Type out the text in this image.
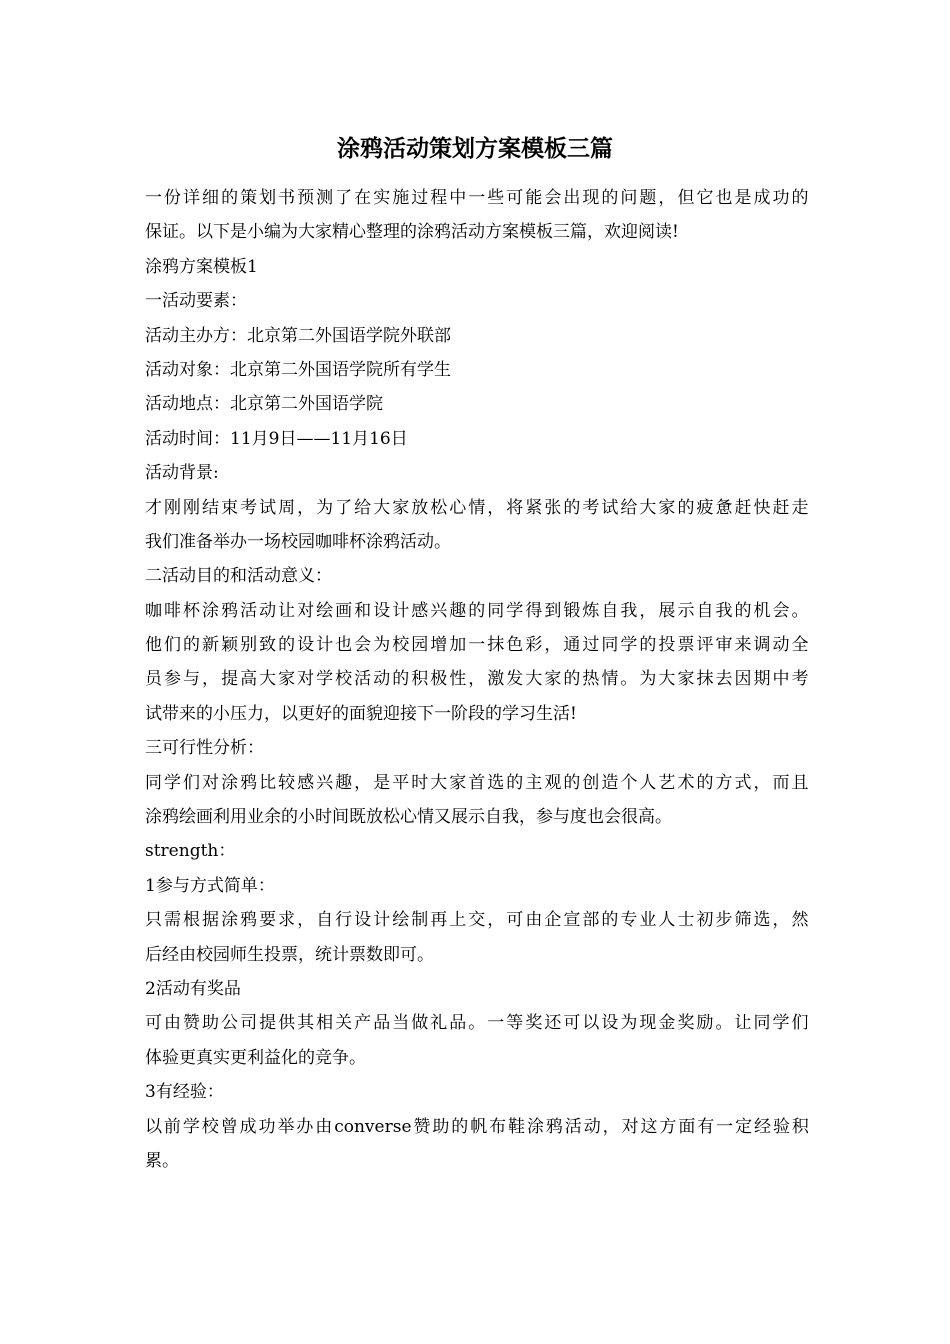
涂鸦活动策划方案模板三篇
一 份 详 细 的 策 划 书 预 测 了 在 实 施 过 程 中 一 些 可 能 会 出 现 的 问 题 ， 但 它 也 是 成 功 的
保证。以下是小编为大家精心整理的涂鸦活动方案模板三篇，欢迎阅读!
涂鸦方案模板1
一活动要素：
活动主办方：北京第二外国语学院外联部
活动对象：北京第二外国语学院所有学生
活动地点：北京第二外国语学院
活动时间：11月9日——11月16日
活动背景:
才 刚 刚 结 束 考 试 周 ， 为 了 给 大 家 放 松 心 情 ， 将 紧 张 的 考 试 给 大 家 的 疲 惫 赶 快 赶 走
我们准备举办一场校园咖啡杯涂鸦活动。
二活动目的和活动意义：
咖 啡 杯 涂 鸦 活 动 让 对 绘 画 和 设 计 感 兴 趣 的 同 学 得 到 锻 炼 自 我 ， 展 示 自 我 的 机 会 。
他 们 的 新 颖 别 致 的 设 计 也 会 为 校 园 增 加 一 抹 色 彩 ， 通 过 同 学 的 投 票 评 审 来 调 动 全
员 参 与 ， 提 高 大 家 对 学 校 活 动 的 积 极 性 ， 激 发 大 家 的 热 情 。 为 大 家 抹 去 因 期 中 考
试带来的小压力，以更好的面貌迎接下一阶段的学习生活!
三可行性分析：
同 学 们 对 涂 鸦 比 较 感 兴 趣 ， 是 平 时 大 家 首 选 的 主 观 的 创 造 个 人 艺 术 的 方 式 ， 而 且
涂鸦绘画利用业余的小时间既放松心情又展示自我，参与度也会很高。
strength：
1参与方式简单：
只 需 根 据 涂 鸦 要 求 ， 自 行 设 计 绘 制 再 上 交 ， 可 由 企 宣 部 的 专 业 人 士 初 步 筛 选 ， 然
后经由校园师生投票，统计票数即可。
2活动有奖品
可 由 赞 助 公 司 提 供 其 相 关 产 品 当 做 礼 品 。 一 等 奖 还 可 以 设 为 现 金 奖 励 。 让 同 学 们
体验更真实更利益化的竞争。
3有经验：
以 前 学 校 曾 成 功 举 办 由 converse 赞 助 的 帆 布 鞋 涂 鸦 活 动 ， 对 这 方 面 有 一 定 经 验 积
累。
